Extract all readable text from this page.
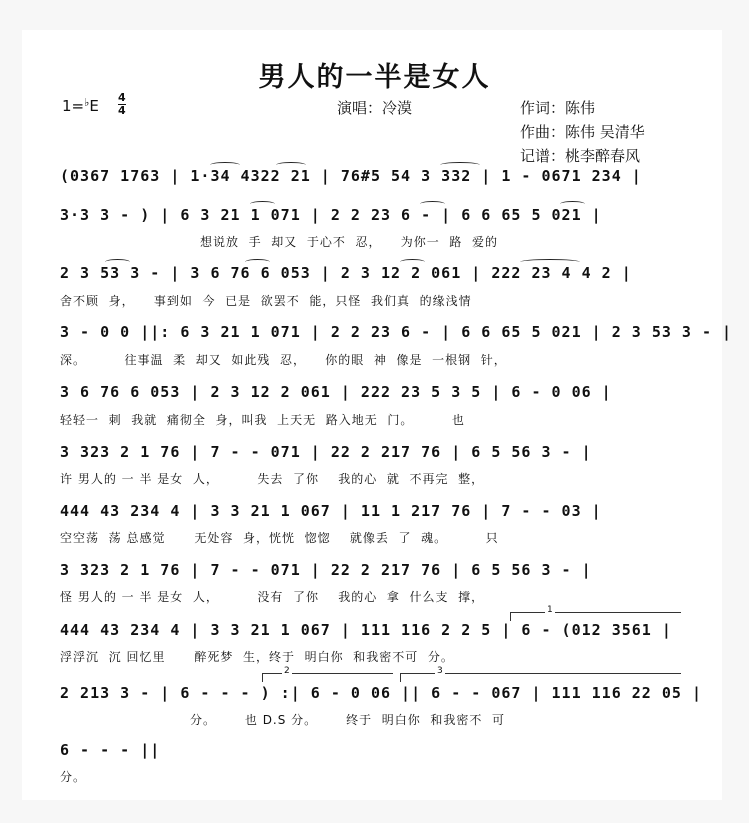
男人的一半是女人
1=♭E 4
4	演唱：冷漠	作词：陈伟
作曲：陈伟 吴清华
记谱：桃李醉春风
(0367 1763 | 1·34 4322 21 | 76#5 54 3 332 | 1 - 0671 234 |
3·3 3 - ) | 6 3 21 1 071 | 2 2 23 6 - | 6 6 65 5 021 |
想说放  手  却又  于心不  忍，    为你一  路  爱的
2 3 53 3 - | 3 6 76 6 053 | 2 3 12 2 061 | 222 23 4 4 2 |
舍不顾  身，    事到如  今  已是  欲罢不  能，只怪  我们真  的缘浅情
3 - 0 0 ||: 6 3 21 1 071 | 2 2 23 6 - | 6 6 65 5 021 | 2 3 53 3 - |
深。        往事温  柔  却又  如此残  忍，    你的眼  神  像是  一根钢  针，
3 6 76 6 053 | 2 3 12 2 061 | 222 23 5 3 5 | 6 - 0 06 |
轻轻一  刺  我就  痛彻全  身，叫我  上天无  路入地无  门。        也
3 323 2 1 76 | 7 - - 071 | 22 2 217 76 | 6 5 56 3 - |
许 男人的 一 半 是女  人，        失去  了你    我的心  就  不再完  整，
444 43 234 4 | 3 3 21 1 067 | 11 1 217 76 | 7 - - 03 |
空空荡  荡 总感觉      无处容  身，恍恍  惚惚    就像丢  了  魂。        只
3 323 2 1 76 | 7 - - 071 | 22 2 217 76 | 6 5 56 3 - |
怪 男人的 一 半 是女  人，        没有  了你    我的心  拿  什么支  撑，
1
444 43 234 4 | 3 3 21 1 067 | 111 116 2 2 5 | 6 - (012 3561 |
浮浮沉  沉 回忆里      醉死梦  生，终于  明白你  和我密不可  分。
2	3
2 213 3 - | 6 - - - ) :| 6 - 0 06 || 6 - - 067 | 111 116 22 05 |
分。      也 D.S 分。      终于  明白你  和我密不  可
6 - - - ||
分。
